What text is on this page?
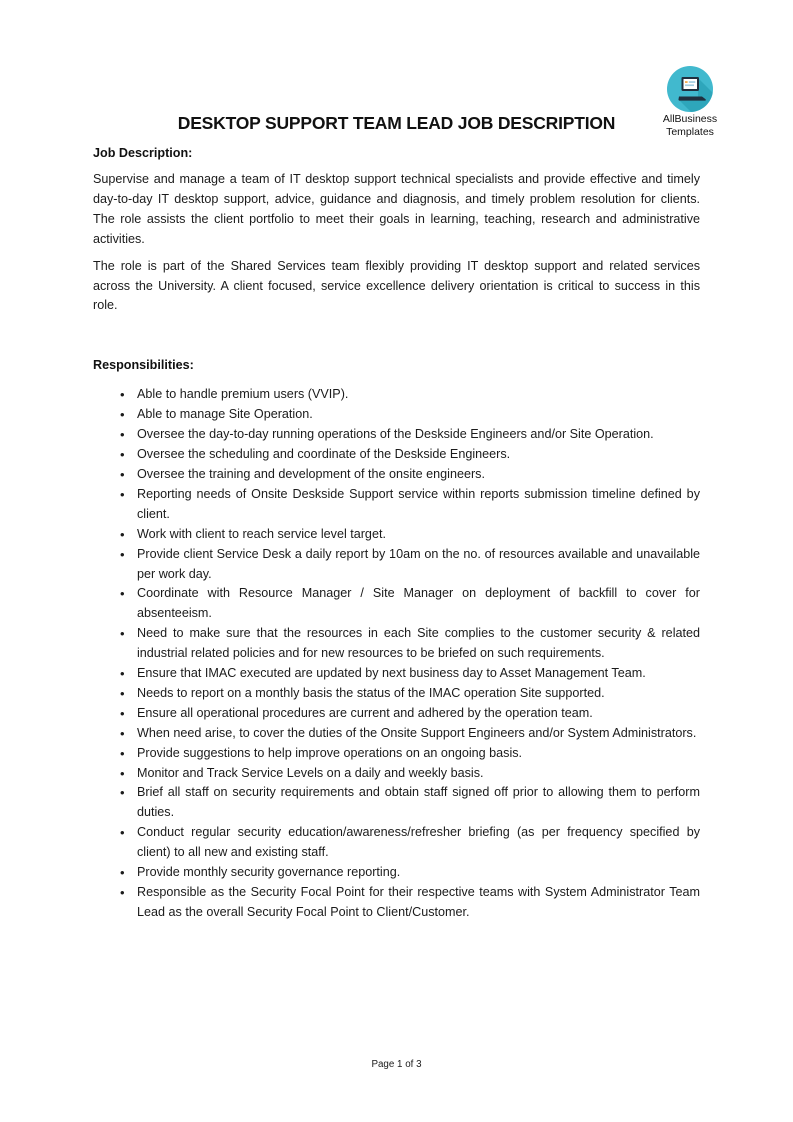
DESKTOP SUPPORT TEAM LEAD JOB DESCRIPTION	AllBusiness
Templates
Job Description:

Supervise and manage a team of IT desktop support technical specialists and provide effective and timely day-to-day IT desktop support, advice, guidance and diagnosis, and timely problem resolution for clients. The role assists the client portfolio to meet their goals in learning, teaching, research and administrative activities.

The role is part of the Shared Services team flexibly providing IT desktop support and related services across the University. A client focused, service excellence delivery orientation is critical to success in this role.

Responsibilities:
• Able to handle premium users (VVIP).
• Able to manage Site Operation.
• Oversee the day-to-day running operations of the Deskside Engineers and/or Site Operation.
• Oversee the scheduling and coordinate of the Deskside Engineers.
• Oversee the training and development of the onsite engineers.
• Reporting needs of Onsite Deskside Support service within reports submission timeline defined by client.
• Work with client to reach service level target.
• Provide client Service Desk a daily report by 10am on the no. of resources available and unavailable per work day.
• Coordinate with Resource Manager / Site Manager on deployment of backfill to cover for absenteeism.
• Need to make sure that the resources in each Site complies to the customer security & related industrial related policies and for new resources to be briefed on such requirements.
• Ensure that IMAC executed are updated by next business day to Asset Management Team.
• Needs to report on a monthly basis the status of the IMAC operation Site supported.
• Ensure all operational procedures are current and adhered by the operation team.
• When need arise, to cover the duties of the Onsite Support Engineers and/or System Administrators.
• Provide suggestions to help improve operations on an ongoing basis.
• Monitor and Track Service Levels on a daily and weekly basis.
• Brief all staff on security requirements and obtain staff signed off prior to allowing them to perform duties.
• Conduct regular security education/awareness/refresher briefing (as per frequency specified by client) to all new and existing staff.
• Provide monthly security governance reporting.
• Responsible as the Security Focal Point for their respective teams with System Administrator Team Lead as the overall Security Focal Point to Client/Customer.
Page 1 of 3
